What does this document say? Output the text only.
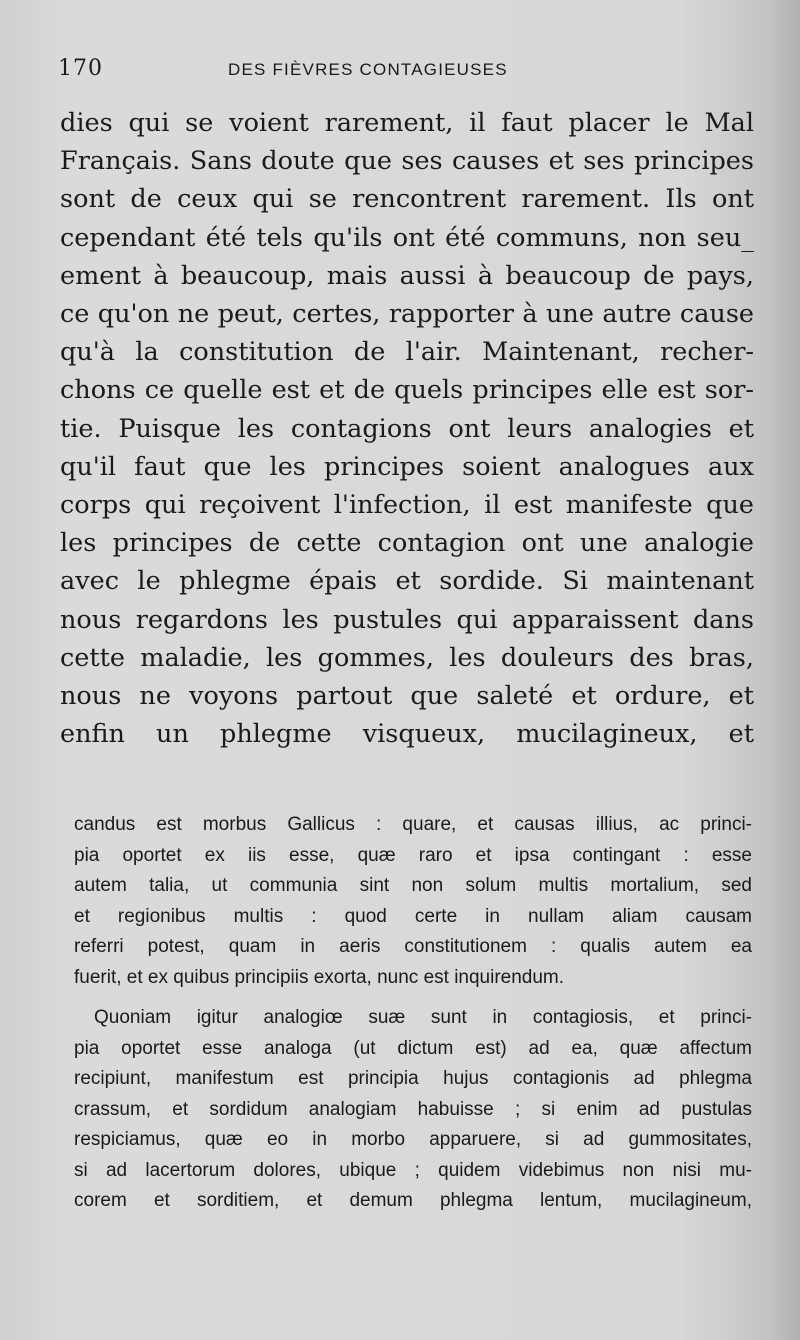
170	DES FIÈVRES CONTAGIEUSES
dies qui se voient rarement, il faut placer le Mal
Français. Sans doute que ses causes et ses principes
sont de ceux qui se rencontrent rarement. Ils ont
cependant été tels qu'ils ont été communs, non seu_
ement à beaucoup, mais aussi à beaucoup de pays,
ce qu'on ne peut, certes, rapporter à une autre cause
qu'à la constitution de l'air. Maintenant, recher-
chons ce quelle est et de quels principes elle est sor-
tie. Puisque les contagions ont leurs analogies et
qu'il faut que les principes soient analogues aux
corps qui reçoivent l'infection, il est manifeste que
les principes de cette contagion ont une analogie
avec le phlegme épais et sordide. Si maintenant
nous regardons les pustules qui apparaissent dans
cette maladie, les gommes, les douleurs des bras,
nous ne voyons partout que saleté et ordure, et
enfin un phlegme visqueux, mucilagineux, et
candus est morbus Gallicus : quare, et causas illius, ac princi-
pia oportet ex iis esse, quæ raro et ipsa contingant : esse
autem talia, ut communia sint non solum multis mortalium, sed
et regionibus multis : quod certe in nullam aliam causam
referri potest, quam in aeris constitutionem : qualis autem ea
fuerit, et ex quibus principiis exorta, nunc est inquirendum.
Quoniam igitur analogiœ suæ sunt in contagiosis, et princi-
pia oportet esse analoga (ut dictum est) ad ea, quæ affectum
recipiunt, manifestum est principia hujus contagionis ad phlegma
crassum, et sordidum analogiam habuisse ; si enim ad pustulas
respiciamus, quæ eo in morbo apparuere, si ad gummositates,
si ad lacertorum dolores, ubique ; quidem videbimus non nisi mu-
corem et sorditiem, et demum phlegma lentum, mucilagineum,
